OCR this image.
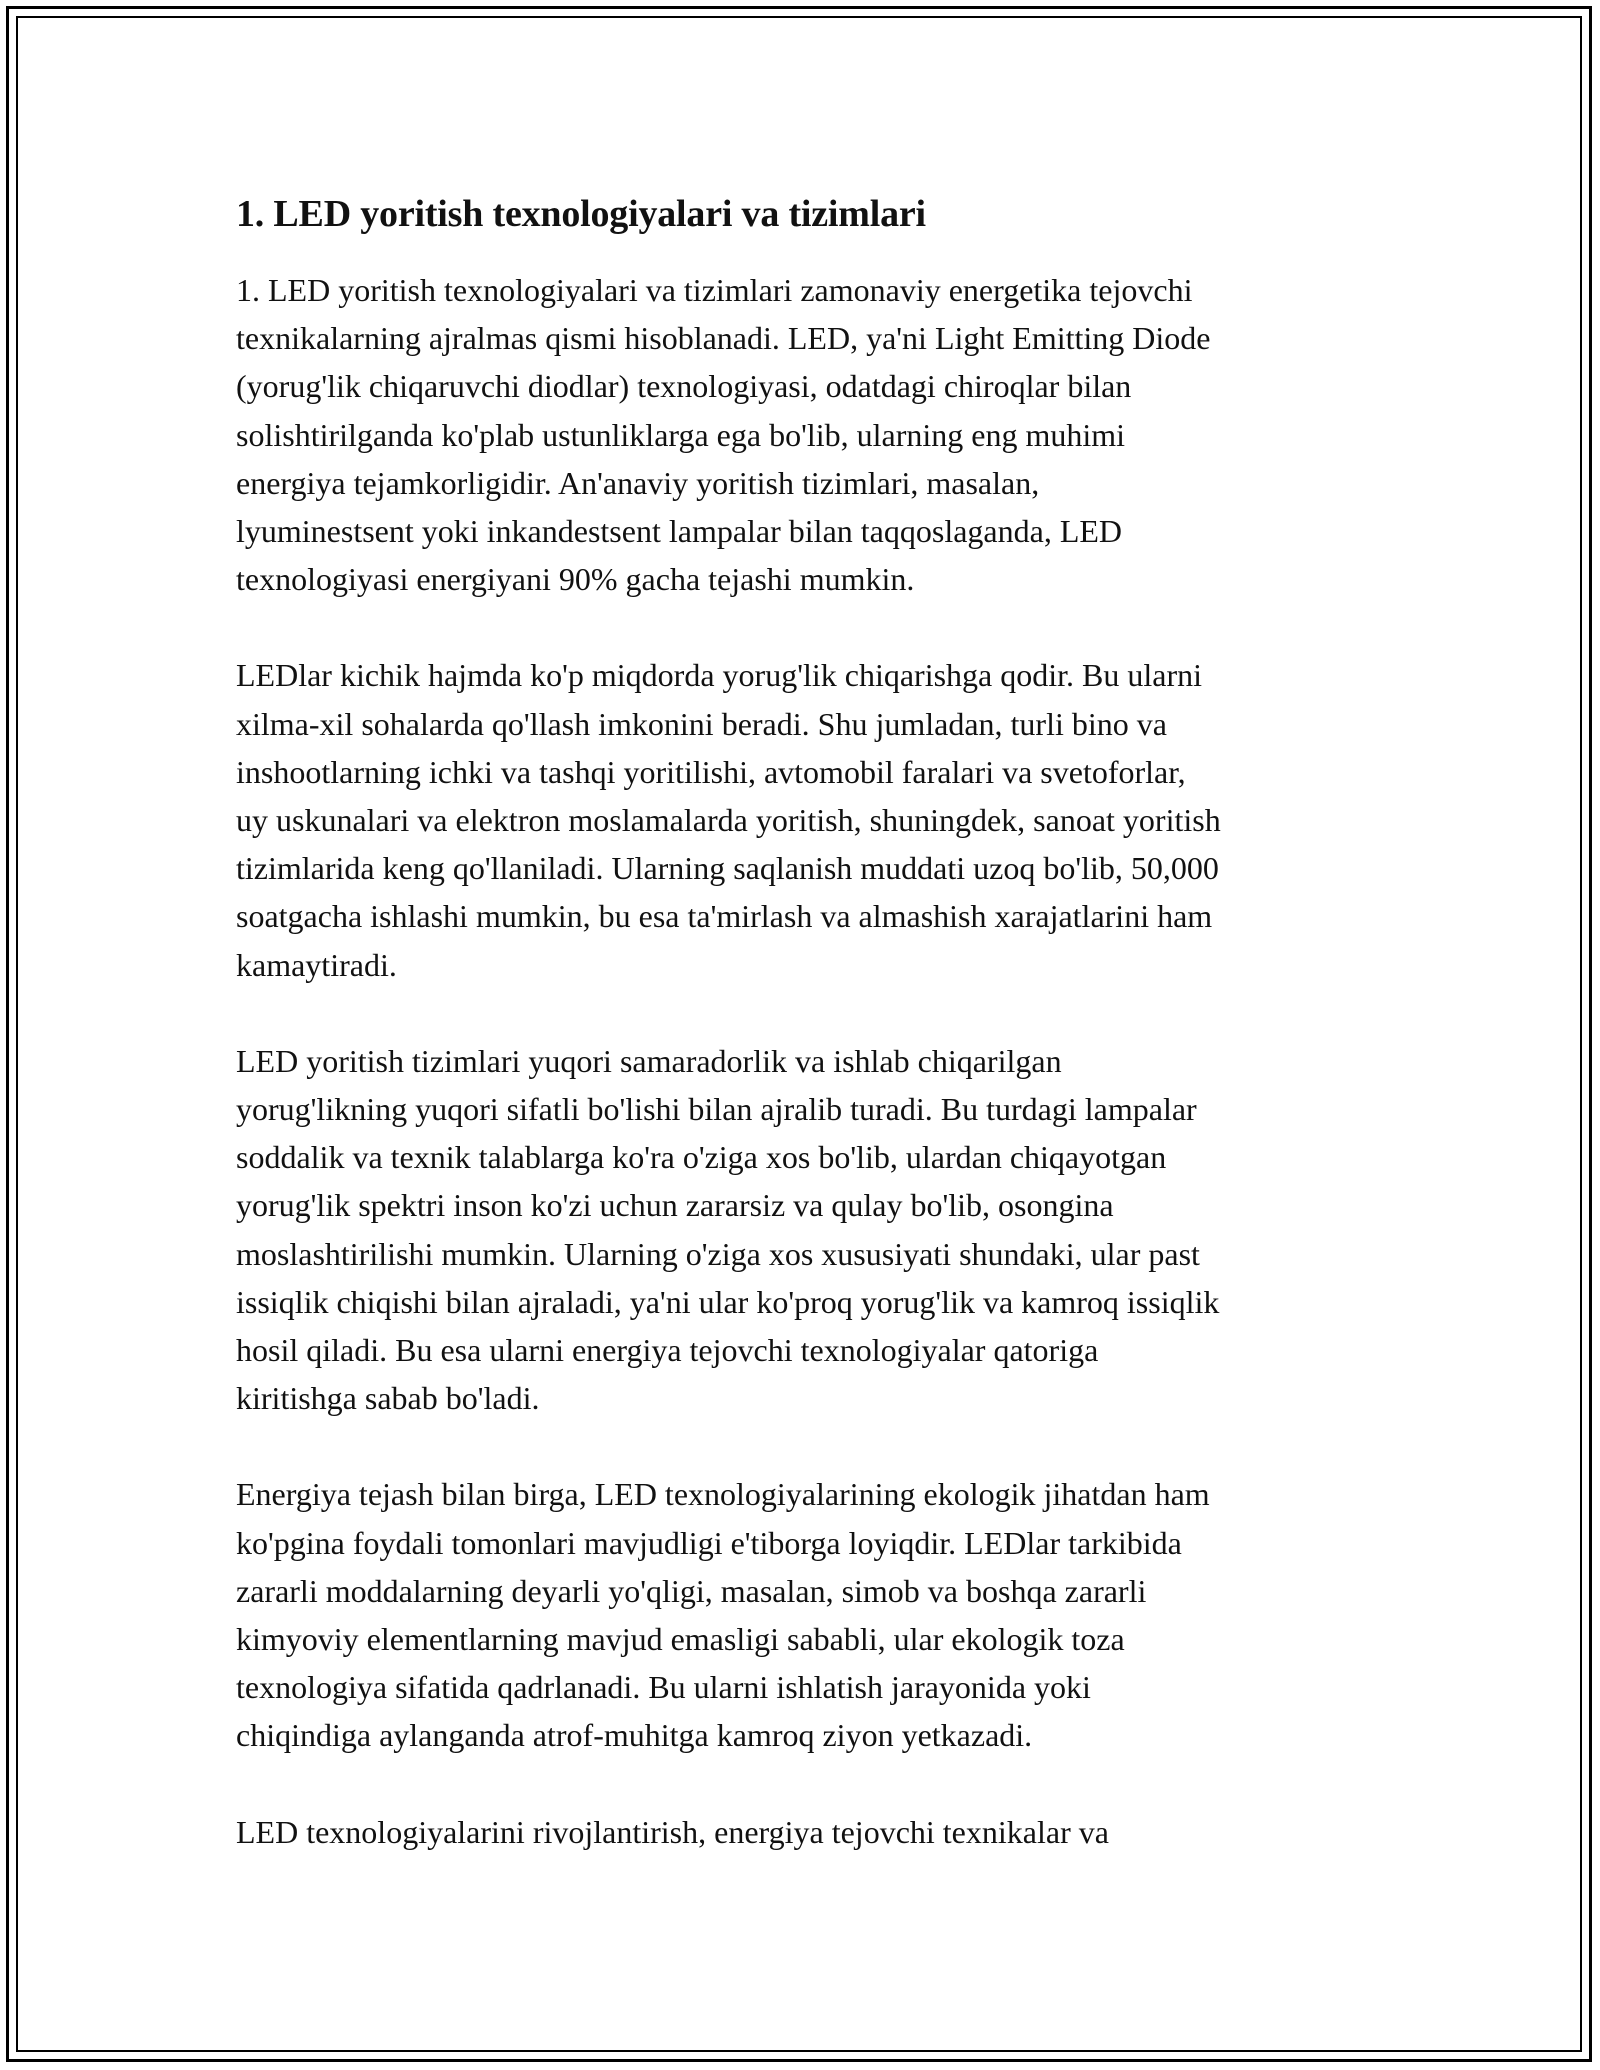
1. LED yoritish texnologiyalari va tizimlari

1. LED yoritish texnologiyalari va tizimlari zamonaviy energetika tejovchi
texnikalarning ajralmas qismi hisoblanadi. LED, ya'ni Light Emitting Diode
(yorug'lik chiqaruvchi diodlar) texnologiyasi, odatdagi chiroqlar bilan
solishtirilganda ko'plab ustunliklarga ega bo'lib, ularning eng muhimi
energiya tejamkorligidir. An'anaviy yoritish tizimlari, masalan,
lyuminestsent yoki inkandestsent lampalar bilan taqqoslaganda, LED
texnologiyasi energiyani 90% gacha tejashi mumkin.

LEDlar kichik hajmda ko'p miqdorda yorug'lik chiqarishga qodir. Bu ularni
xilma-xil sohalarda qo'llash imkonini beradi. Shu jumladan, turli bino va
inshootlarning ichki va tashqi yoritilishi, avtomobil faralari va svetoforlar,
uy uskunalari va elektron moslamalarda yoritish, shuningdek, sanoat yoritish
tizimlarida keng qo'llaniladi. Ularning saqlanish muddati uzoq bo'lib, 50,000
soatgacha ishlashi mumkin, bu esa ta'mirlash va almashish xarajatlarini ham
kamaytiradi.

LED yoritish tizimlari yuqori samaradorlik va ishlab chiqarilgan
yorug'likning yuqori sifatli bo'lishi bilan ajralib turadi. Bu turdagi lampalar
soddalik va texnik talablarga ko'ra o'ziga xos bo'lib, ulardan chiqayotgan
yorug'lik spektri inson ko'zi uchun zararsiz va qulay bo'lib, osongina
moslashtirilishi mumkin. Ularning o'ziga xos xususiyati shundaki, ular past
issiqlik chiqishi bilan ajraladi, ya'ni ular ko'proq yorug'lik va kamroq issiqlik
hosil qiladi. Bu esa ularni energiya tejovchi texnologiyalar qatoriga
kiritishga sabab bo'ladi.

Energiya tejash bilan birga, LED texnologiyalarining ekologik jihatdan ham
ko'pgina foydali tomonlari mavjudligi e'tiborga loyiqdir. LEDlar tarkibida
zararli moddalarning deyarli yo'qligi, masalan, simob va boshqa zararli
kimyoviy elementlarning mavjud emasligi sababli, ular ekologik toza
texnologiya sifatida qadrlanadi. Bu ularni ishlatish jarayonida yoki
chiqindiga aylanganda atrof-muhitga kamroq ziyon yetkazadi.

LED texnologiyalarini rivojlantirish, energiya tejovchi texnikalar va
